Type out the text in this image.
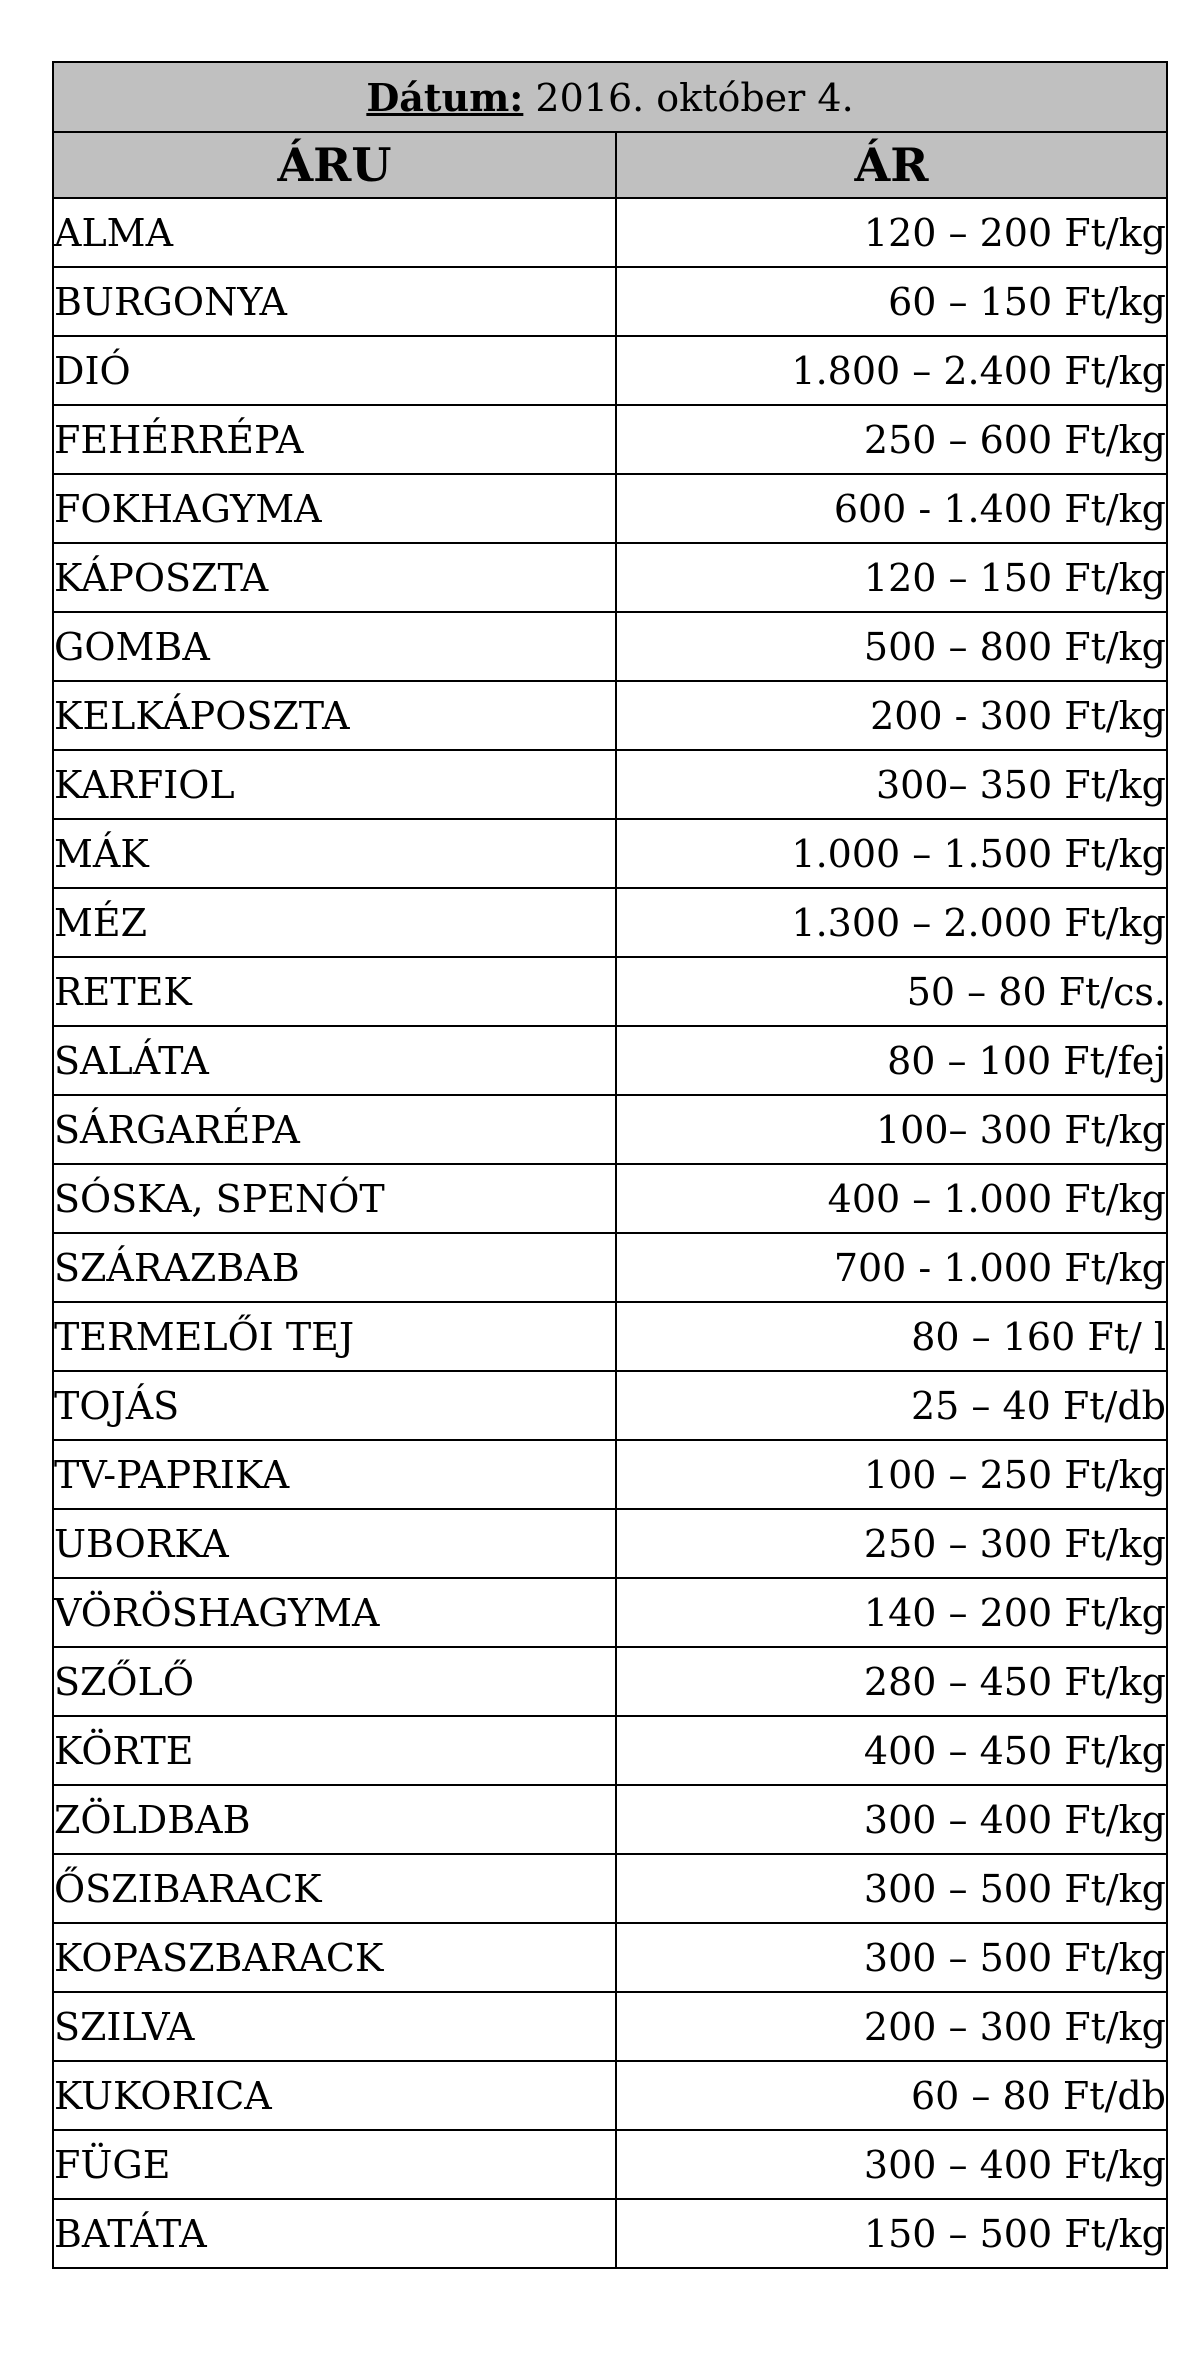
Dátum: 2016. október 4.	
ÁRU	ÁR
ALMA	120 – 200 Ft/kg
BURGONYA	60 – 150 Ft/kg
DIÓ	1.800 – 2.400 Ft/kg
FEHÉRRÉPA	250 – 600 Ft/kg
FOKHAGYMA	600 - 1.400 Ft/kg
KÁPOSZTA	120 – 150 Ft/kg
GOMBA	500 – 800 Ft/kg
KELKÁPOSZTA	200 - 300 Ft/kg
KARFIOL	300– 350 Ft/kg
MÁK	1.000 – 1.500 Ft/kg
MÉZ	1.300 – 2.000 Ft/kg
RETEK	50 – 80 Ft/cs.
SALÁTA	80 – 100 Ft/fej
SÁRGARÉPA	100– 300 Ft/kg
SÓSKA, SPENÓT	400 – 1.000 Ft/kg
SZÁRAZBAB	700 - 1.000 Ft/kg
TERMELŐI TEJ	80 – 160 Ft/ l
TOJÁS	25 – 40 Ft/db
TV-PAPRIKA	100 – 250 Ft/kg
UBORKA	250 – 300 Ft/kg
VÖRÖSHAGYMA	140 – 200 Ft/kg
SZŐLŐ	280 – 450 Ft/kg
KÖRTE	400 – 450 Ft/kg
ZÖLDBAB	300 – 400 Ft/kg
ŐSZIBARACK	300 – 500 Ft/kg
KOPASZBARACK	300 – 500 Ft/kg
SZILVA	200 – 300 Ft/kg
KUKORICA	60 – 80 Ft/db
FÜGE	300 – 400 Ft/kg
BATÁTA	150 – 500 Ft/kg
